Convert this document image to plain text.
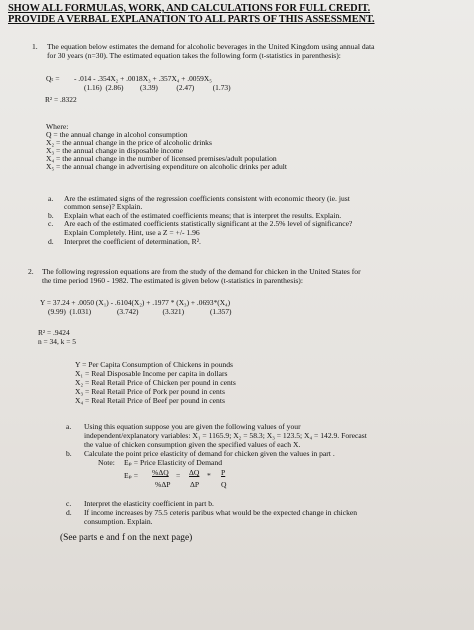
SHOW ALL FORMULAS, WORK, AND CALCULATIONS FOR FULL CREDIT.
PROVIDE A VERBAL EXPLANATION TO ALL PARTS OF THIS ASSESSMENT.
1. The equation below estimates the demand for alcoholic beverages in the United Kingdom using annual data
for 30 years (n=30). The estimated equation takes the following form (t-statistics in parenthesis):
Qₜ = - .014 - .354X₂ + .0018X₃ + .357X₄ + .0059X₅
(1.16)  (2.86)         (3.39)          (2.47)          (1.73)
R² = .8322
Where:
Q = the annual change in alcohol consumption
X₂ = the annual change in the price of alcoholic drinks
X₃ = the annual change in disposable income
X₄ = the annual change in the number of licensed premises/adult population
X₅ = the annual change in advertising expenditure on alcoholic drinks per adult
a. Are the estimated signs of the regression coefficients consistent with economic theory (ie. just
common sense)? Explain.
b. Explain what each of the estimated coefficients means; that is interpret the results. Explain.
c. Are each of the estimated coefficients statistically significant at the 2.5% level of significance?
Explain Completely. Hint, use a Z = +/- 1.96
d. Interpret the coefficient of determination, R².
2. The following regression equations are from the study of the demand for chicken in the United States for
the time period 1960 - 1982. The estimated is given below (t-statistics in parenthesis):
Y = 37.24 + .0050 (X₁) - .6104(X₂) + .1977 * (X₃) + .0693*(X₄)
(9.99)  (1.031)              (3.742)             (3.321)              (1.357)
R² = .9424
n = 34, k = 5
Y = Per Capita Consumption of Chickens in pounds
X₁ = Real Disposable Income per capita in dollars
X₂ = Real Retail Price of Chicken per pound in cents
X₃ = Real Retail Price of Pork per pound in cents
X₄ = Real Retail Price of Beef per pound in cents
a. Using this equation suppose you are given the following values of your
independent/explanatory variables: X₁ = 1165.9; X₂ = 58.3; X₃ = 123.5; X₄ = 142.9. Forecast
the value of chicken consumption given the specified values of each X.
b. Calculate the point price elasticity of demand for chicken given the values in part .
Note: Eₚ = Price Elasticity of Demand
Eₚ = %ΔQ
%ΔP
= ΔQ
ΔP
* P
Q
c. Interpret the elasticity coefficient in part b.
d. If income increases by 75.5 ceteris paribus what would be the expected change in chicken
consumption. Explain.
(See parts e and f on the next page)
